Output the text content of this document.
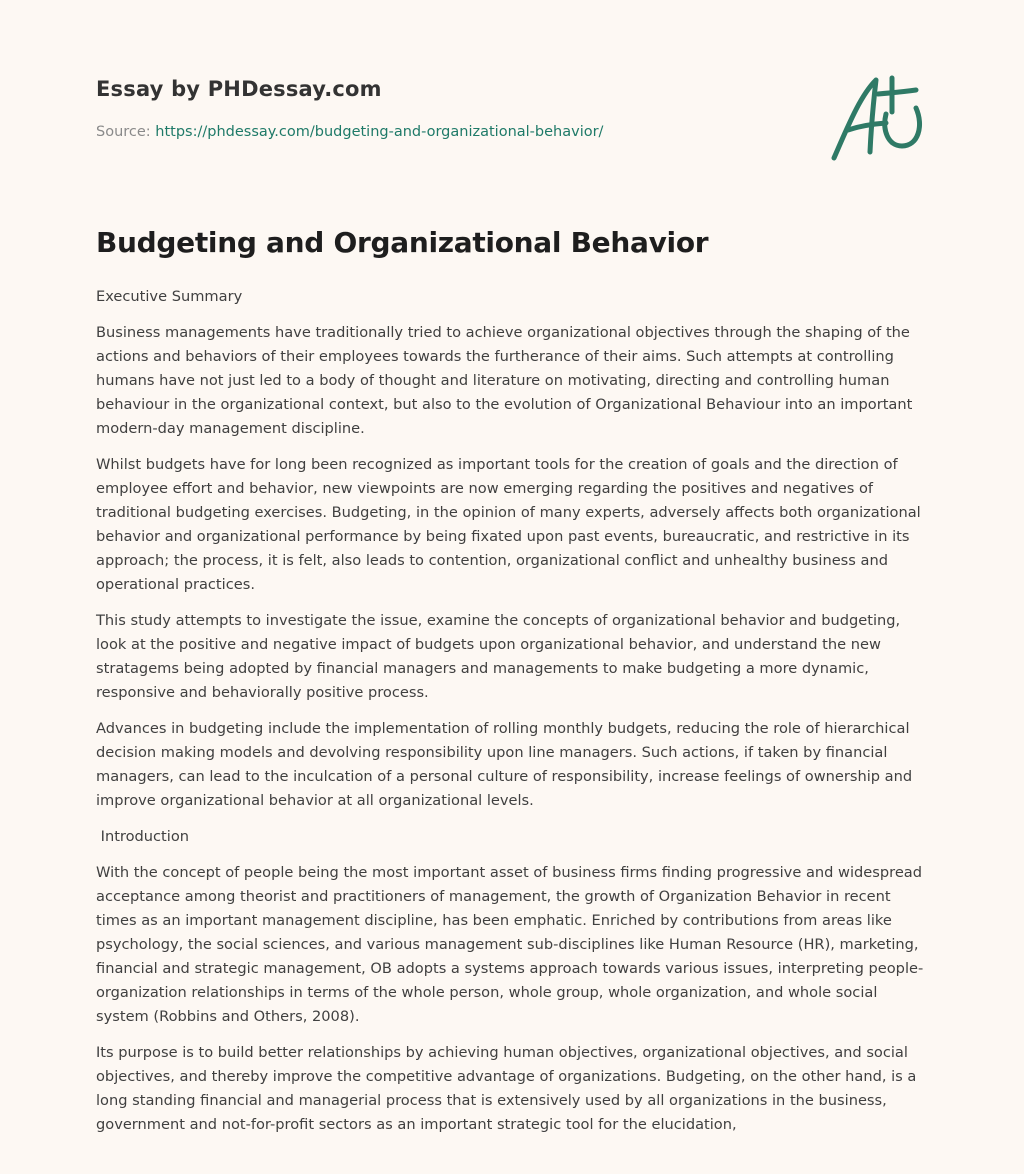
Essay by PHDessay.com
Source: https://phdessay.com/budgeting-and-organizational-behavior/
Budgeting and Organizational Behavior

Executive Summary

Business managements have traditionally tried to achieve organizational objectives through the shaping of the actions and behaviors of their employees towards the furtherance of their aims. Such attempts at controlling humans have not just led to a body of thought and literature on motivating, directing and controlling human behaviour in the organizational context, but also to the evolution of Organizational Behaviour into an important modern-day management discipline.

Whilst budgets have for long been recognized as important tools for the creation of goals and the direction of employee effort and behavior, new viewpoints are now emerging regarding the positives and negatives of traditional budgeting exercises. Budgeting, in the opinion of many experts, adversely affects both organizational behavior and organizational performance by being fixated upon past events, bureaucratic, and restrictive in its approach; the process, it is felt, also leads to contention, organizational conflict and unhealthy business and operational practices.

This study attempts to investigate the issue, examine the concepts of organizational behavior and budgeting, look at the positive and negative impact of budgets upon organizational behavior, and understand the new stratagems being adopted by financial managers and managements to make budgeting a more dynamic, responsive and behaviorally positive process.

Advances in budgeting include the implementation of rolling monthly budgets, reducing the role of hierarchical decision making models and devolving responsibility upon line managers. Such actions, if taken by financial managers, can lead to the inculcation of a personal culture of responsibility, increase feelings of ownership and improve organizational behavior at all organizational levels.

Introduction

With the concept of people being the most important asset of business firms finding progressive and widespread acceptance among theorist and practitioners of management, the growth of Organization Behavior in recent times as an important management discipline, has been emphatic. Enriched by contributions from areas like psychology, the social sciences, and various management sub-disciplines like Human Resource (HR), marketing, financial and strategic management, OB adopts a systems approach towards various issues, interpreting people-organization relationships in terms of the whole person, whole group, whole organization, and whole social system (Robbins and Others, 2008).

Its purpose is to build better relationships by achieving human objectives, organizational objectives, and social objectives, and thereby improve the competitive advantage of organizations. Budgeting, on the other hand, is a long standing financial and managerial process that is extensively used by all organizations in the business, government and not-for-profit sectors as an important strategic tool for the elucidation,
